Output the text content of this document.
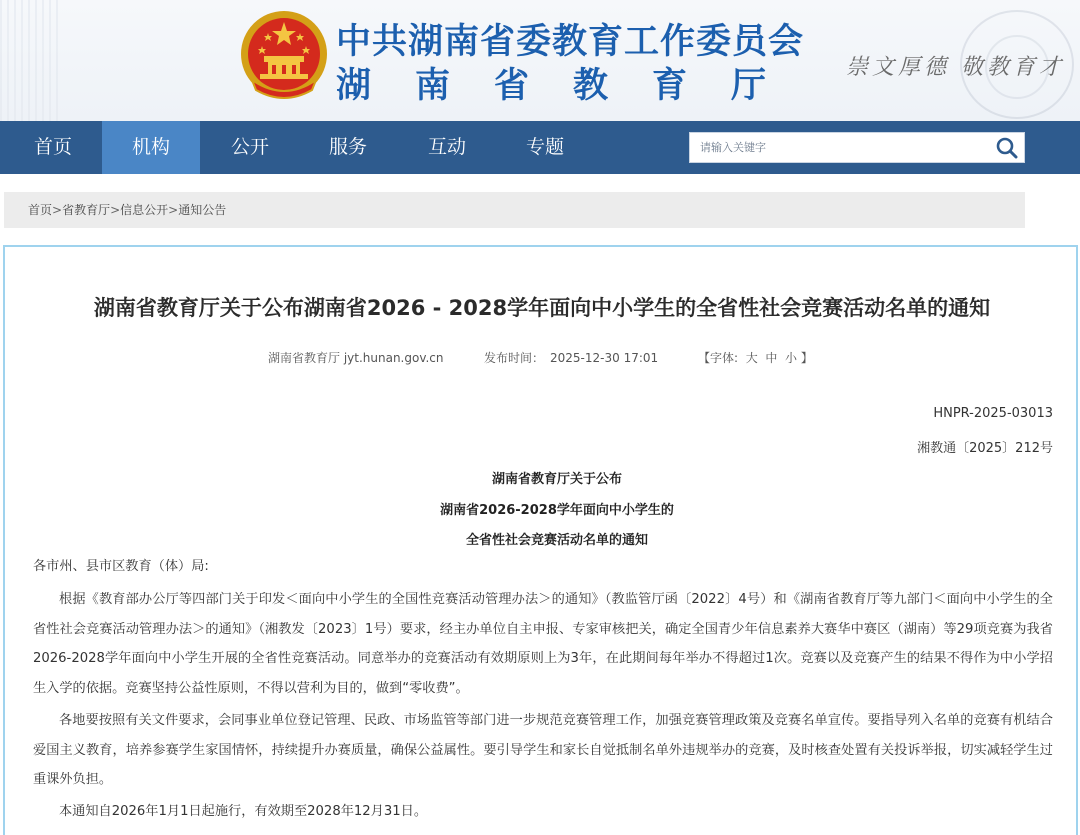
中共湖南省委教育工作委员会
湖南省教育厅 崇文厚德 敬教育才
首页	机构	公开	服务	互动	专题
请输入关键字
首页>省教育厅>信息公开>通知公告
湖南省教育厅关于公布湖南省2026 - 2028学年面向中小学生的全省性社会竞赛活动名单的通知
湖南省教育厅 jyt.hunan.gov.cn	发布时间： 2025-12-30 17:01	【字体: 大 中 小 】
HNPR-2025-03013
湘教通〔2025〕212号
湖南省教育厅关于公布
湖南省2026-2028学年面向中小学生的
全省性社会竞赛活动名单的通知
各市州、县市区教育（体）局:
根据《教育部办公厅等四部门关于印发＜面向中小学生的全国性竞赛活动管理办法＞的通知》（教监管厅函〔2022〕4号）和《湖南省教育厅等九部门＜面向中小学生的全省性社会竞赛活动管理办法＞的通知》（湘教发〔2023〕1号）要求，经主办单位自主申报、专家审核把关，确定全国青少年信息素养大赛华中赛区（湖南）等29项竞赛为我省2026-2028学年面向中小学生开展的全省性竞赛活动。同意举办的竞赛活动有效期原则上为3年，在此期间每年举办不得超过1次。竞赛以及竞赛产生的结果不得作为中小学招生入学的依据。竞赛坚持公益性原则，不得以营利为目的，做到“零收费”。
各地要按照有关文件要求，会同事业单位登记管理、民政、市场监管等部门进一步规范竞赛管理工作，加强竞赛管理政策及竞赛名单宣传。要指导列入名单的竞赛有机结合爱国主义教育，培养参赛学生家国情怀，持续提升办赛质量，确保公益属性。要引导学生和家长自觉抵制名单外违规举办的竞赛，及时核查处置有关投诉举报，切实减轻学生过重课外负担。
本通知自2026年1月1日起施行，有效期至2028年12月31日。
